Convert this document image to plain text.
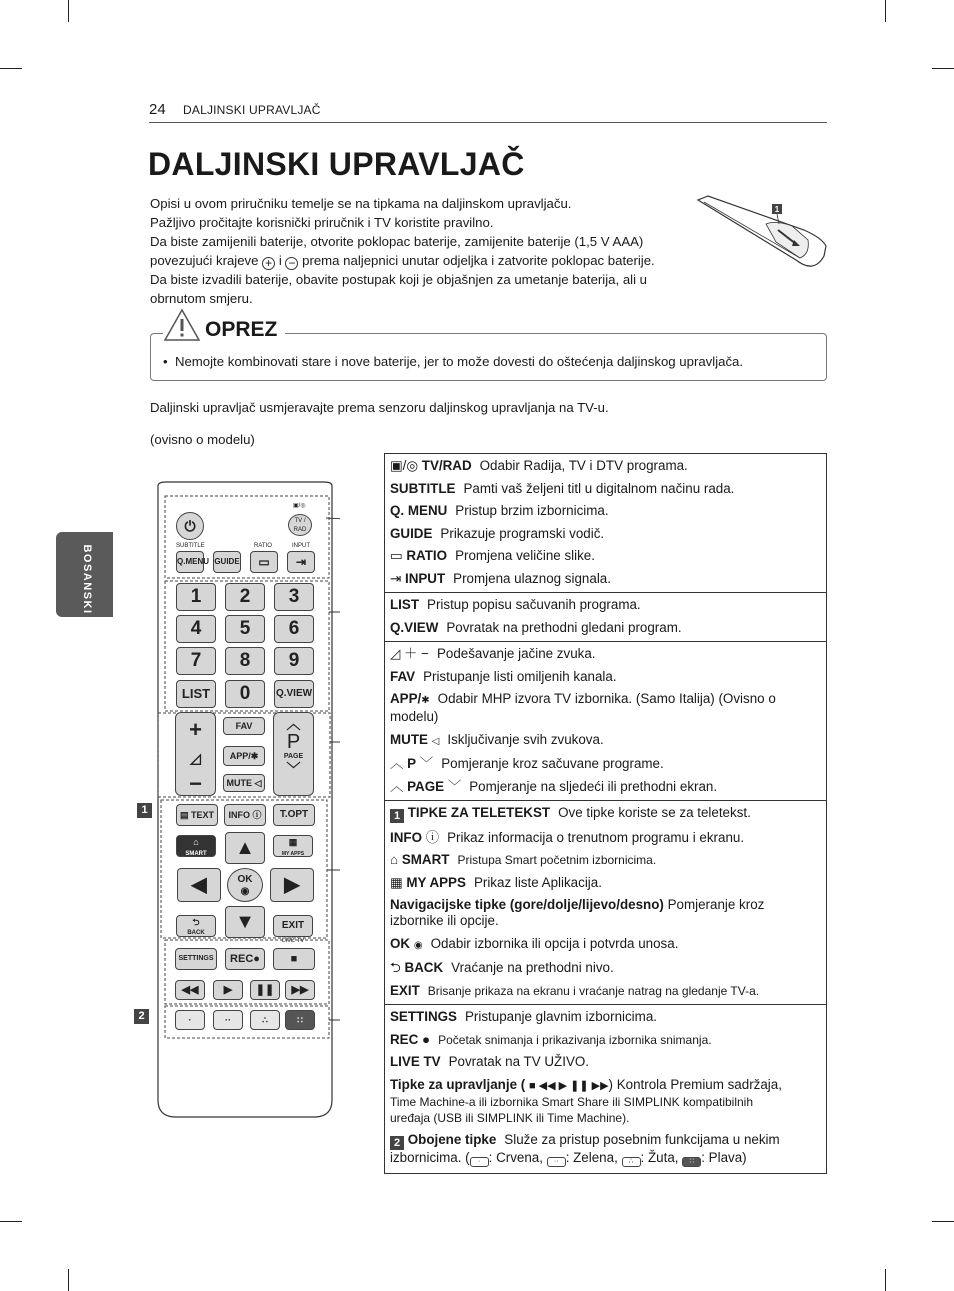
24 DALJINSKI UPRAVLJAČ
DALJINSKI UPRAVLJAČ
BOSANSKI

Opisi u ovom priručniku temelje se na tipkama na daljinskom upravljaču.

Pažljivo pročitajte korisnički priručnik i TV koristite pravilno.

Da biste zamijenili baterije, otvorite poklopac baterije, zamijenite baterije (1,5 V AAA)

povezujući krajeve + i − prema naljepnici unutar odjeljka i zatvorite poklopac baterije.

Da biste izvadili baterije, obavite postupak koji je objašnjen za umetanje baterija, ali u

obrnutom smjeru.

1
OPREZ
•  Nemojte kombinovati stare i nove baterije, jer to može dovesti do oštećenja daljinskog upravljača.
Daljinski upravljač usmjeravajte prema senzoru daljinskog upravljanja na TV-u.
(ovisno o modelu)
⏻
▣/◎
TV / RAD
SUBTITLE	RATIO	INPUT
Q.MENU GUIDE	▭	⇥
1	2	3
4	5	6
7	8	9
LIST	0	Q.VIEW
+
◿
−
FAV
APP/✱
MUTE ◁
︿
P
PAGE
﹀
1	▤ TEXT	INFO ⓘ	T.OPT
⌂
SMART
▦
MY APPS
▲
◀	OK
◉	▶
▼
⮌
BACK
EXIT
LIVE TV
SETTINGS	REC●	■
◀◀	▶	❚❚	▶▶
2	·	··	∴	∷
▣/◎ TV/RAD Odabir Radija, TV i DTV programa.
SUBTITLE Pamti vaš željeni titl u digitalnom načinu rada.
Q. MENU Pristup brzim izbornicima.
GUIDE Prikazuje programski vodič.
▭ RATIO Promjena veličine slike.
⇥ INPUT Promjena ulaznog signala.
LIST Pristup popisu sačuvanih programa.
Q.VIEW Povratak na prethodni gledani program.
◿ ＋ − Podešavanje jačine zvuka.
FAV Pristupanje listi omiljenih kanala.
APP/✱ Odabir MHP izvora TV izbornika. (Samo Italija) (Ovisno o modelu)
MUTE ◁ Isključivanje svih zvukova.
︿ P ﹀ Pomjeranje kroz sačuvane programe.
︿ PAGE ﹀ Pomjeranje na sljedeći ili prethodni ekran.
1 TIPKE ZA TELETEKST Ove tipke koriste se za teletekst.
INFO ⓘ Prikaz informacija o trenutnom programu i ekranu.
⌂ SMART Pristupa Smart početnim izbornicima.
▦ MY APPS Prikaz liste Aplikacija.
Navigacijske tipke (gore/dolje/lijevo/desno) Pomjeranje kroz izbornike ili opcije.
OK ◉ Odabir izbornika ili opcija i potvrda unosa.
⮌ BACK Vraćanje na prethodni nivo.
EXIT Brisanje prikaza na ekranu i vraćanje natrag na gledanje TV-a.
SETTINGS Pristupanje glavnim izbornicima.
REC ● Početak snimanja i prikazivanja izbornika snimanja.
LIVE TV Povratak na TV UŽIVO.
Tipke za upravljanje ( ■ ◀◀ ▶ ❚❚ ▶▶) Kontrola Premium sadržaja,
Time Machine-a ili izbornika Smart Share ili SIMPLINK kompatibilnih
uređaja (USB ili SIMPLINK ili Time Machine).
2 Obojene tipke Služe za pristup posebnim funkcijama u nekim
izbornicima. ( · : Crvena, ·· : Zelena, ∴ : Žuta, ∷ : Plava)
